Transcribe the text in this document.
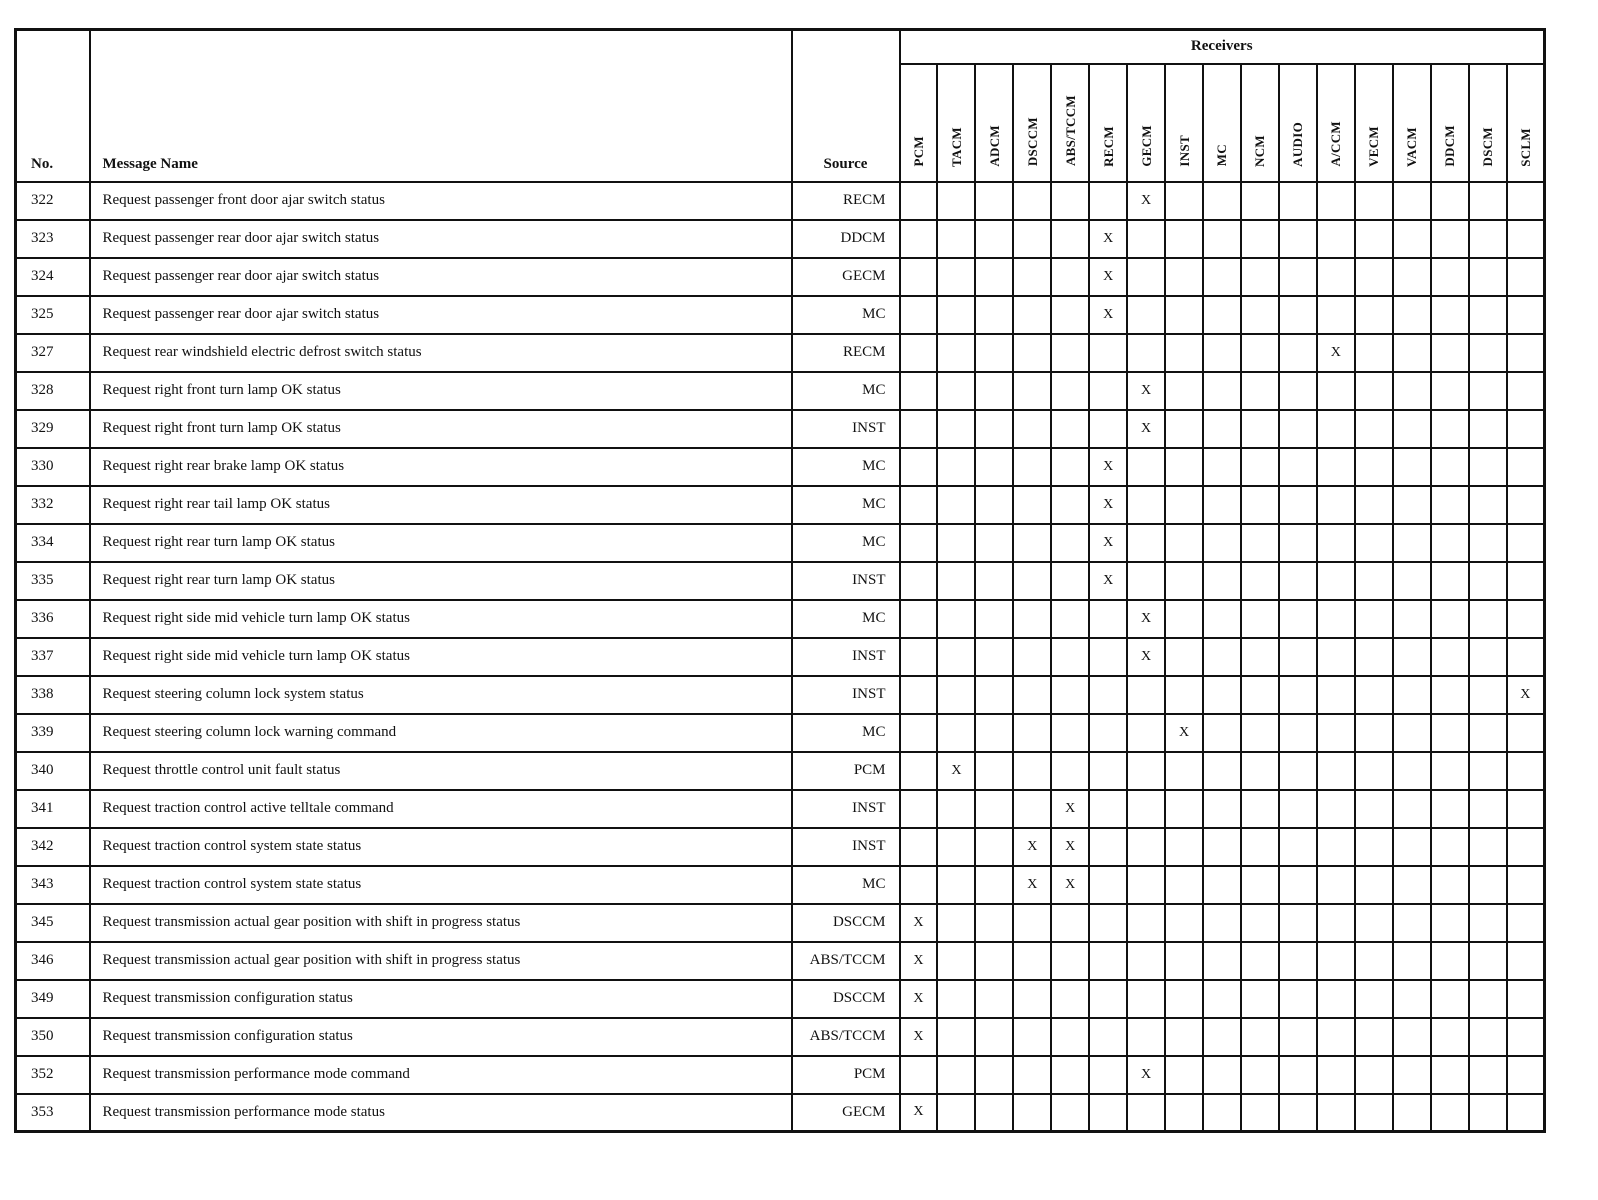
No.	Message Name	Source	Receivers																
			PCM	TACM	ADCM	DSCCM	ABS/TCCM	RECM	GECM	INST	MC	NCM	AUDIO	A/CCM	VECM	VACM	DDCM	DSCM	SCLM
322	Request passenger front door ajar switch status	RECM							X										
323	Request passenger rear door ajar switch status	DDCM						X											
324	Request passenger rear door ajar switch status	GECM						X											
325	Request passenger rear door ajar switch status	MC						X											
327	Request rear windshield electric defrost switch status	RECM												X					
328	Request right front turn lamp OK status	MC							X										
329	Request right front turn lamp OK status	INST							X										
330	Request right rear brake lamp OK status	MC						X											
332	Request right rear tail lamp OK status	MC						X											
334	Request right rear turn lamp OK status	MC						X											
335	Request right rear turn lamp OK status	INST						X											
336	Request right side mid vehicle turn lamp OK status	MC							X										
337	Request right side mid vehicle turn lamp OK status	INST							X										
338	Request steering column lock system status	INST																	X
339	Request steering column lock warning command	MC								X									
340	Request throttle control unit fault status	PCM		X															
341	Request traction control active telltale command	INST					X												
342	Request traction control system state status	INST				X	X												
343	Request traction control system state status	MC				X	X												
345	Request transmission actual gear position with shift in progress status	DSCCM	X																
346	Request transmission actual gear position with shift in progress status	ABS/TCCM	X																
349	Request transmission configuration status	DSCCM	X																
350	Request transmission configuration status	ABS/TCCM	X																
352	Request transmission performance mode command	PCM							X										
353	Request transmission performance mode status	GECM	X																
